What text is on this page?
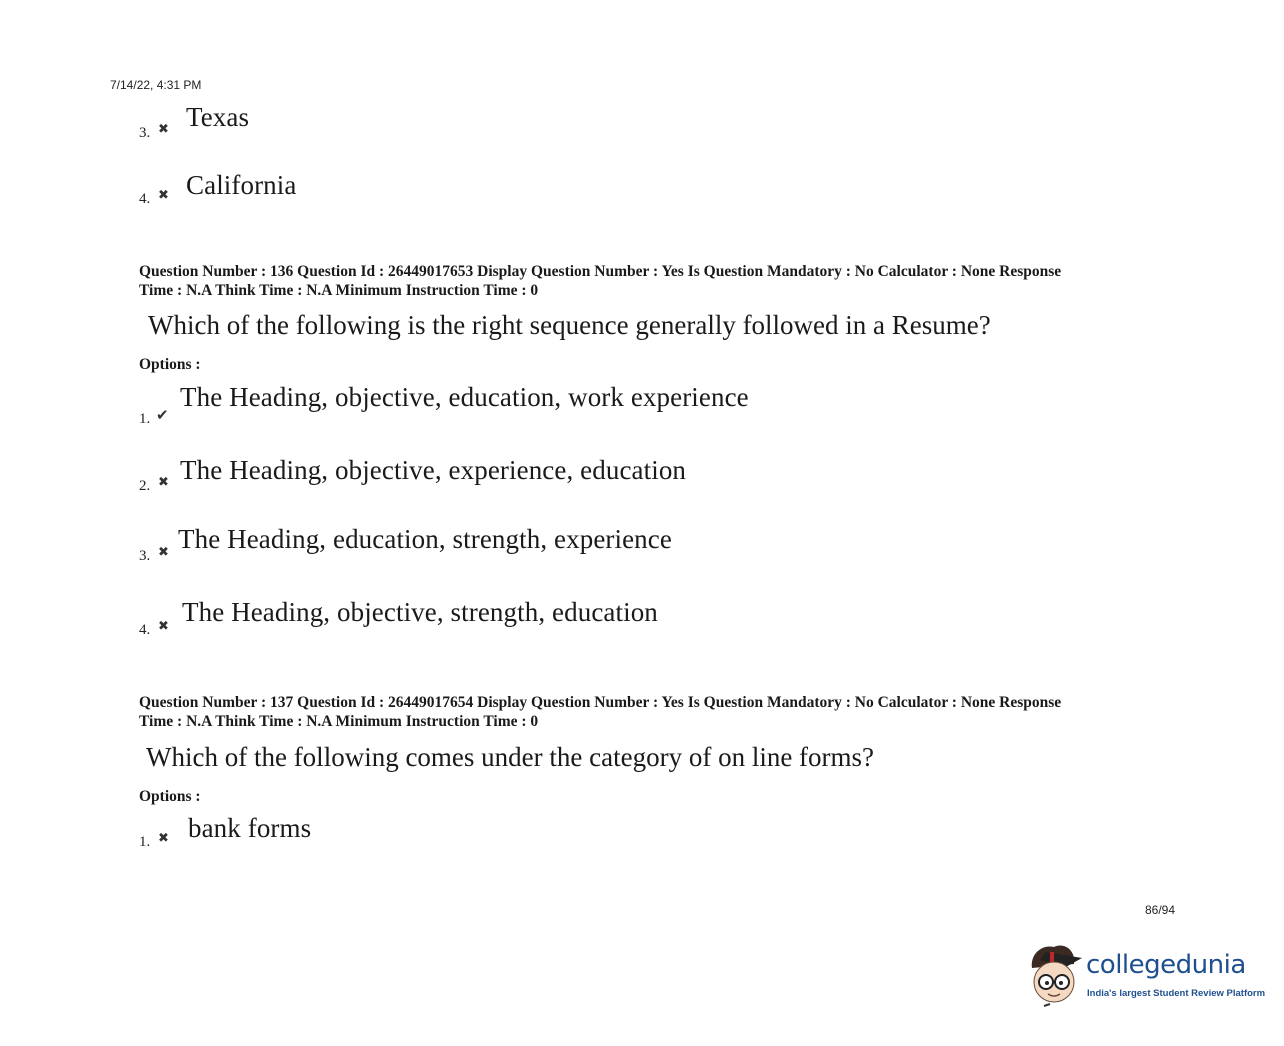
7/14/22, 4:31 PM
3. ✖ Texas
4. ✖ California
Question Number : 136 Question Id : 26449017653 Display Question Number : Yes Is Question Mandatory : No Calculator : None Response
Time : N.A Think Time : N.A Minimum Instruction Time : 0
Which of the following is the right sequence generally followed in a Resume?
Options :
1. ✔
The Heading, objective, education, work experience
2. ✖ The Heading, objective, experience, education
3. ✖ The Heading, education, strength, experience
4. ✖ The Heading, objective, strength, education
Question Number : 137 Question Id : 26449017654 Display Question Number : Yes Is Question Mandatory : No Calculator : None Response
Time : N.A Think Time : N.A Minimum Instruction Time : 0
Which of the following comes under the category of on line forms?
Options :
1. ✖ bank forms
86/94
collegedunia
India's largest Student Review Platform
